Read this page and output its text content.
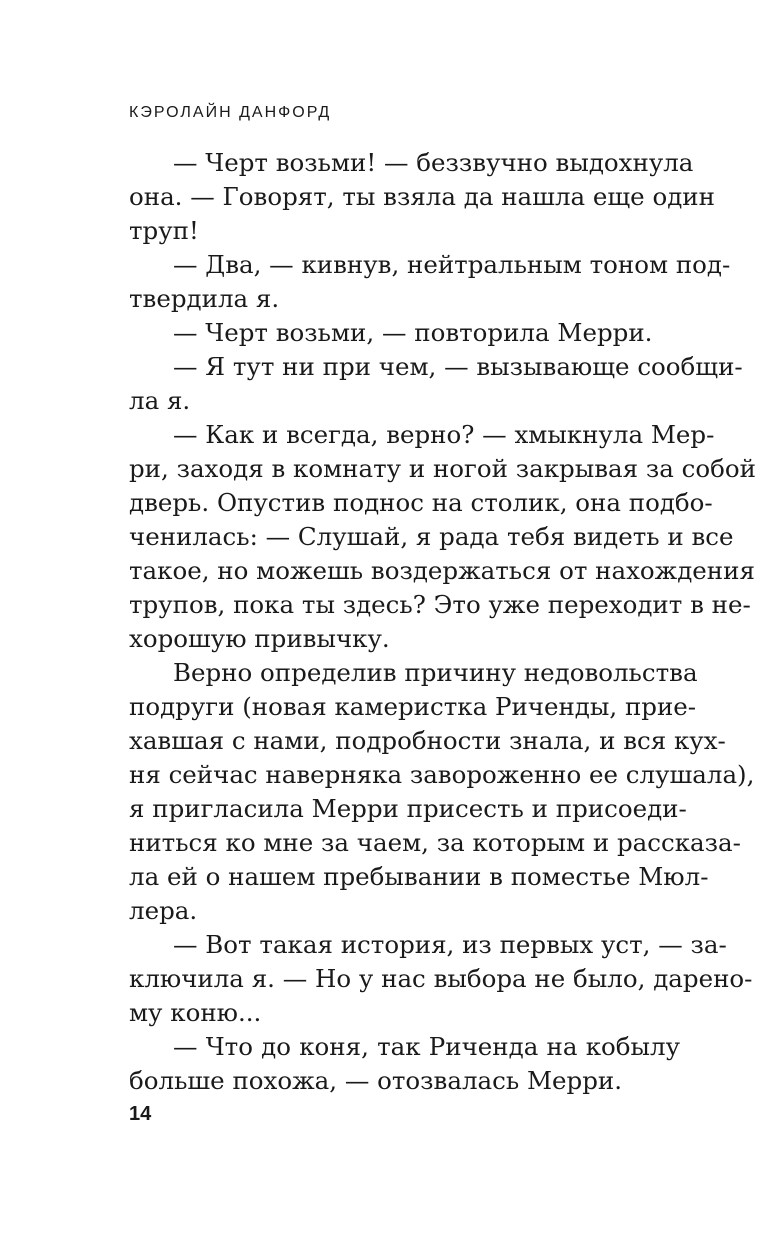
КЭРОЛАЙН ДАНФОРД
— Черт возьми! — беззвучно выдохнула
она. — Говорят, ты взяла да нашла еще один
труп!
— Два, — кивнув, нейтральным тоном под-
твердила я.
— Черт возьми, — повторила Мерри.
— Я тут ни при чем, — вызывающе сообщи-
ла я.
— Как и всегда, верно? — хмыкнула Мер-
ри, заходя в комнату и ногой закрывая за собой
дверь. Опустив поднос на столик, она подбо-
ченилась: — Слушай, я рада тебя видеть и все
такое, но можешь воздержаться от нахождения
трупов, пока ты здесь? Это уже переходит в не-
хорошую привычку.
Верно определив причину недовольства
подруги (новая камеристка Риченды, прие-
хавшая с нами, подробности знала, и вся кух-
ня сейчас наверняка завороженно ее слушала),
я пригласила Мерри присесть и присоеди-
ниться ко мне за чаем, за которым и рассказа-
ла ей о нашем пребывании в поместье Мюл-
лера.
— Вот такая история, из первых уст, — за-
ключила я. — Но у нас выбора не было, дарено-
му коню...
— Что до коня, так Риченда на кобылу
больше похожа, — отозвалась Мерри.
14
